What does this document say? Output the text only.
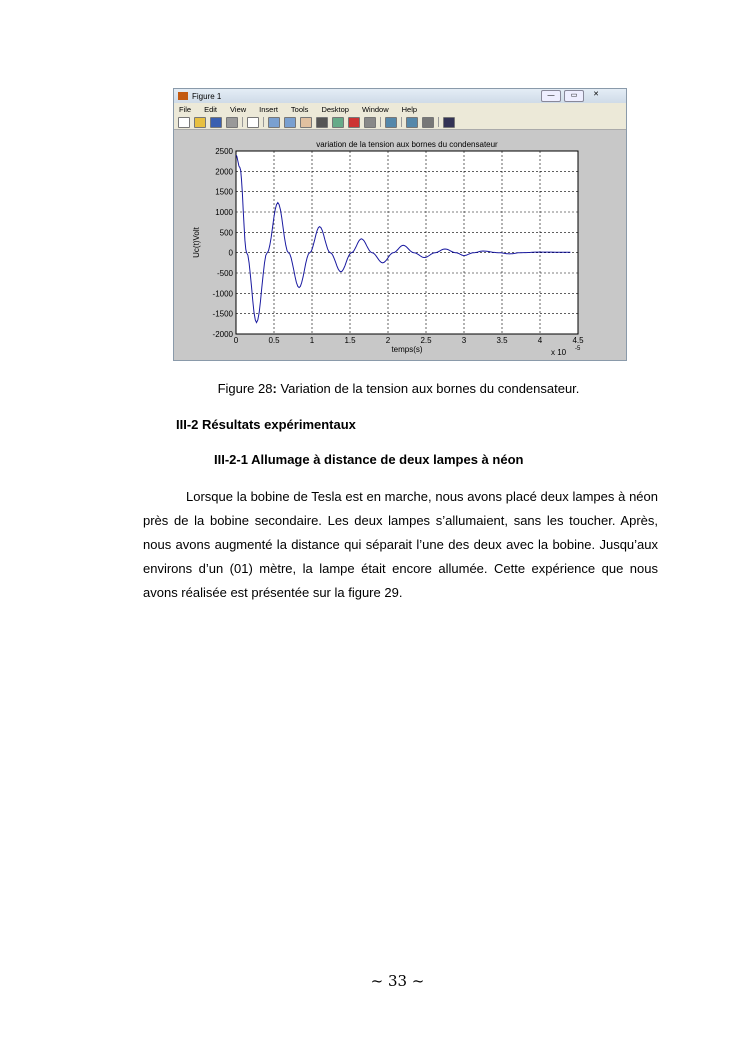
Figure 1	—	▭	✕
File Edit View Insert Tools Desktop Window Help
variation de la tension aux bornes du condensateur
0	0.5	1	1.5	2	2.5	3	3.5	4	4.5
2500
2000
1500
1000
500
0
-500
-1000
-1500
-2000
temps(s)
Uc(t)Volt
x 10 -5
Figure 28: Variation de la tension aux bornes du condensateur.
III-2 Résultats expérimentaux
III-2-1 Allumage à distance de deux lampes à néon
Lorsque la bobine de Tesla est en marche, nous avons placé deux lampes à néon près de la bobine secondaire. Les deux lampes s’allumaient, sans les toucher. Après, nous avons augmenté la distance qui séparait l’une des deux avec la bobine. Jusqu’aux environs d’un (01) mètre, la lampe était encore allumée. Cette expérience que nous avons réalisée est présentée sur la figure 29.
~ 33 ~
